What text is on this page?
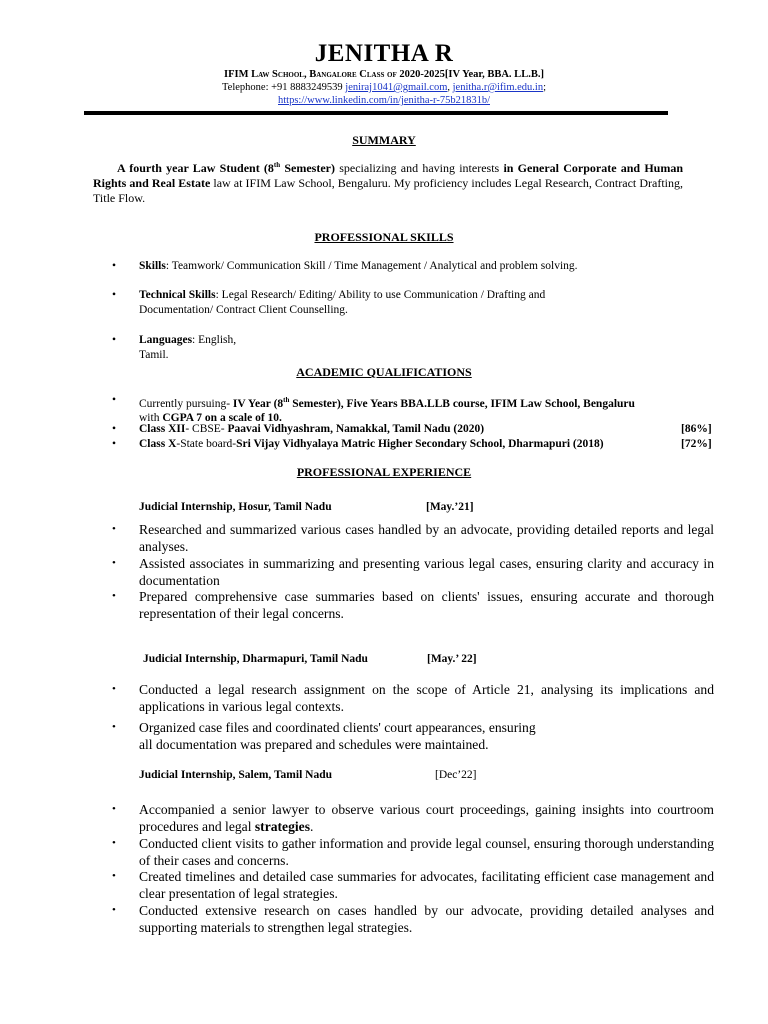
JENITHA R
IFIM Law School, Bangalore Class of 2020-2025[IV Year, BBA. LL.B.]
Telephone: +91 8883249539 jeniraj1041@gmail.com, jenitha.r@ifim.edu.in;
https://www.linkedin.com/in/jenitha-r-75b21831b/
SUMMARY
A fourth year Law Student (8th Semester) specializing and having interests in General Corporate and Human Rights and Real Estate law at IFIM Law School, Bengaluru. My proficiency includes Legal Research, Contract Drafting, Title Flow.
PROFESSIONAL SKILLS
•	Skills: Teamwork/ Communication Skill / Time Management / Analytical and problem solving.
•	Technical Skills: Legal Research/ Editing/ Ability to use Communication / Drafting and
Documentation/ Contract Client Counselling.
•	Languages: English,
Tamil.
ACADEMIC QUALIFICATIONS
•	Currently pursuing- IV Year (8th Semester), Five Years BBA.LLB course, IFIM Law School, Bengaluru
with CGPA 7 on a scale of 10.
•	Class XII- CBSE- Paavai Vidhyashram, Namakkal, Tamil Nadu (2020)	[86%]
•	Class X-State board-Sri Vijay Vidhyalaya Matric Higher Secondary School, Dharmapuri (2018)	[72%]
PROFESSIONAL EXPERIENCE
Judicial Internship, Hosur, Tamil Nadu	[May.’21]
•	Researched and summarized various cases handled by an advocate, providing detailed reports and legal analyses.
•	Assisted associates in summarizing and presenting various legal cases, ensuring clarity and accuracy in documentation
•	Prepared comprehensive case summaries based on clients' issues, ensuring accurate and thorough representation of their legal concerns.
Judicial Internship, Dharmapuri, Tamil Nadu	[May.’ 22]
•	Conducted a legal research assignment on the scope of Article 21, analysing its implications and applications in various legal contexts.
•	Organized case files and coordinated clients' court appearances, ensuring
all documentation was prepared and schedules were maintained.
Judicial Internship, Salem, Tamil Nadu	[Dec’22]
•	Accompanied a senior lawyer to observe various court proceedings, gaining insights into courtroom procedures and legal strategies.
•	Conducted client visits to gather information and provide legal counsel, ensuring thorough understanding of their cases and concerns.
•	Created timelines and detailed case summaries for advocates, facilitating efficient case management and clear presentation of legal strategies.
•	Conducted extensive research on cases handled by our advocate, providing detailed analyses and supporting materials to strengthen legal strategies.
